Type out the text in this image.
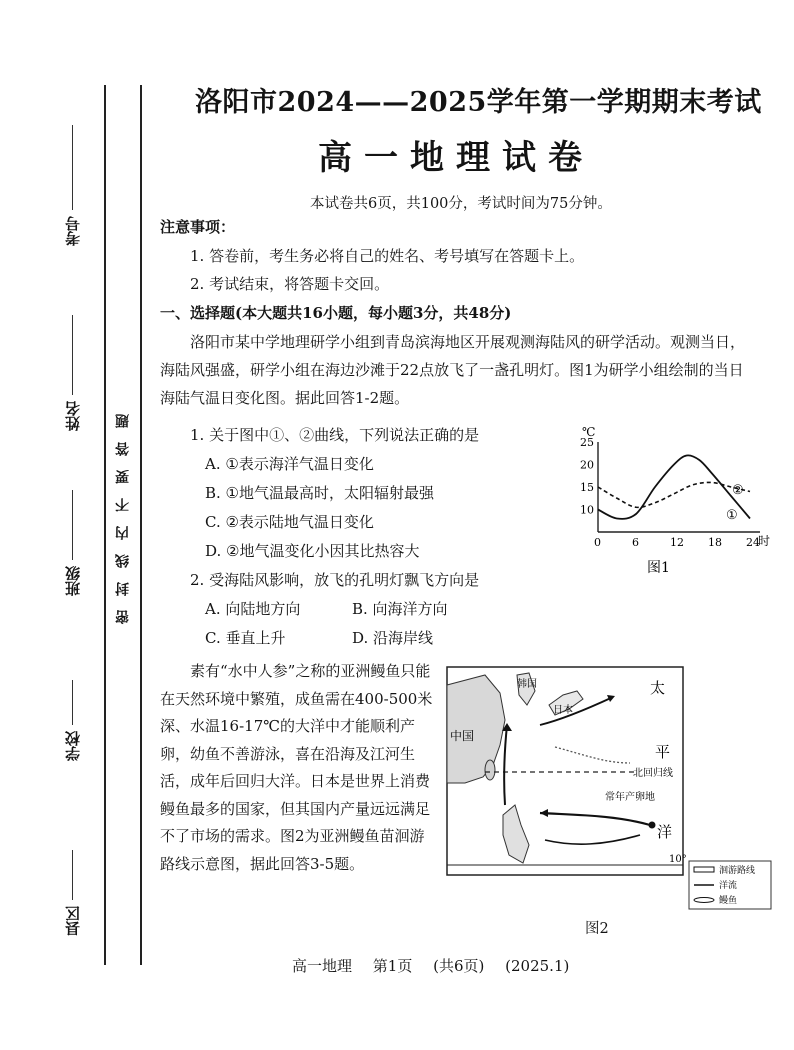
考号
姓名
班级
学校
县区
密封线内不要答题
洛阳市2024——2025学年第一学期期末考试
高一地理试卷
本试卷共6页，共100分，考试时间为75分钟。
注意事项：
1. 答卷前，考生务必将自己的姓名、考号填写在答题卡上。
2. 考试结束，将答题卡交回。
一、选择题(本大题共16小题，每小题3分，共48分)

洛阳市某中学地理研学小组到青岛滨海地区开展观测海陆风的研学活动。观测当日，

海陆风强盛，研学小组在海边沙滩于22点放飞了一盏孔明灯。图1为研学小组绘制的当日

海陆气温日变化图。据此回答1-2题。

1. 关于图中①、②曲线，下列说法正确的是
A. ①表示海洋气温日变化
B. ①地气温最高时，太阳辐射最强
C. ②表示陆地气温日变化
D. ②地气温变化小因其比热容大
2. 受海陆风影响，放飞的孔明灯飘飞方向是
A. 向陆地方向	B. 向海洋方向
C. 垂直上升	D. 沿海岸线
℃
25
20
15
10
0	6	12 18 24
②
①
时
图1
素有“水中人参”之称的亚洲鳗鱼只能在天然环境中繁殖，成鱼需在400-500米深、水温16-17℃的大洋中才能顺利产卵，幼鱼不善游泳，喜在沿海及江河生活，成年后回归大洋。日本是世界上消费鳗鱼最多的国家，但其国内产量远远满足不了市场的需求。图2为亚洲鳗鱼苗洄游路线示意图，据此回答3-5题。
中国
韩国
日本
太
平
洋
北回归线
10°
常年产卵地
洄游路线
洋流
鳗鱼
图2
高一地理 第1页 (共6页) (2025.1)
